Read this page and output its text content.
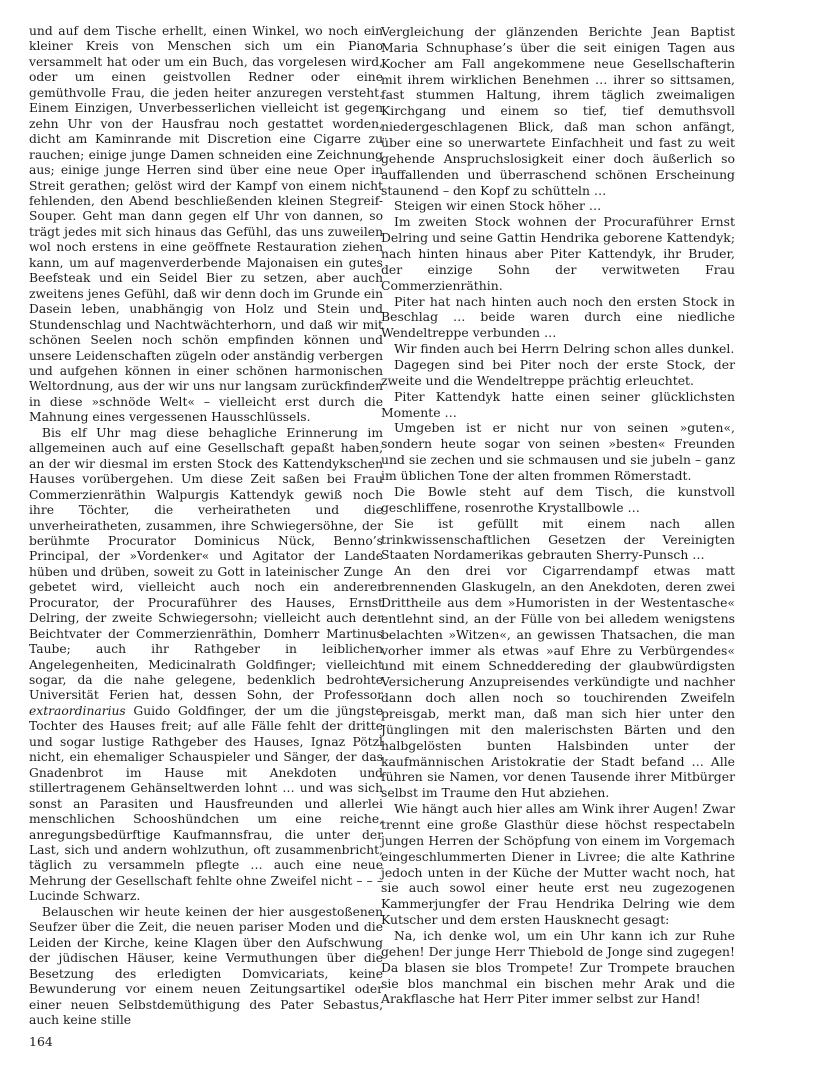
und auf dem Tische erhellt, einen Winkel, wo noch ein kleiner Kreis von Menschen sich um ein Piano versammelt hat oder um ein Buch, das vorgelesen wird, oder um einen geistvollen Redner oder eine gemüthvolle Frau, die jeden heiter anzuregen versteht. Einem Einzigen, Unverbesserlichen vielleicht ist gegen zehn Uhr von der Hausfrau noch gestattet worden, dicht am Kaminrande mit Discretion eine Cigarre zu rauchen; einige junge Damen schneiden eine Zeichnung aus; einige junge Herren sind über eine neue Oper in Streit gerathen; gelöst wird der Kampf von einem nicht fehlenden, den Abend beschließenden kleinen Stegreif-Souper. Geht man dann gegen elf Uhr von dannen, so trägt jedes mit sich hinaus das Gefühl, das uns zuweilen wol noch erstens in eine geöffnete Restauration ziehen kann, um auf magenverderbende Majonaisen ein gutes Beefsteak und ein Seidel Bier zu setzen, aber auch zweitens jenes Gefühl, daß wir denn doch im Grunde ein Dasein leben, unabhängig von Holz und Stein und Stundenschlag und Nachtwächterhorn, und daß wir mit schönen Seelen noch schön empfinden können und unsere Leidenschaften zügeln oder anständig verbergen und aufgehen können in einer schönen harmonischen Weltordnung, aus der wir uns nur langsam zurückfinden in diese »schnöde Welt« – vielleicht erst durch die Mahnung eines vergessenen Hausschlüssels.

Bis elf Uhr mag diese behagliche Erinnerung im allgemeinen auch auf eine Gesellschaft gepaßt haben, an der wir diesmal im ersten Stock des Kattendykschen Hauses vorübergehen. Um diese Zeit saßen bei Frau Commerzienräthin Walpurgis Kattendyk gewiß noch ihre Töchter, die verheiratheten und die unverheiratheten, zusammen, ihre Schwiegersöhne, der berühmte Procurator Dominicus Nück, Benno’s Principal, der »Vordenker« und Agitator der Lande hüben und drüben, soweit zu Gott in lateinischer Zunge gebetet wird, vielleicht auch noch ein anderer Procurator, der Procuraführer des Hauses, Ernst Delring, der zweite Schwiegersohn; vielleicht auch der Beichtvater der Commerzienräthin, Domherr Martinus Taube; auch ihr Rathgeber in leiblichen Angelegenheiten, Medicinalrath Goldfinger; vielleicht sogar, da die nahe gelegene, bedenklich bedrohte Universität Ferien hat, dessen Sohn, der Professor extraordinarius Guido Goldfinger, der um die jüngste Tochter des Hauses freit; auf alle Fälle fehlt der dritte und sogar lustige Rathgeber des Hauses, Ignaz Pötzl nicht, ein ehemaliger Schauspieler und Sänger, der das Gnadenbrot im Hause mit Anekdoten und stillertragenem Gehänseltwerden lohnt … und was sich sonst an Parasiten und Hausfreunden und allerlei menschlichen Schooshündchen um eine reiche, anregungsbedürftige Kaufmannsfrau, die unter der Last, sich und andern wohlzuthun, oft zusammenbricht, täglich zu versammeln pflegte … auch eine neue Mehrung der Gesellschaft fehlte ohne Zweifel nicht – – – Lucinde Schwarz.

Belauschen wir heute keinen der hier ausgestoßenen Seufzer über die Zeit, die neuen pariser Moden und die Leiden der Kirche, keine Klagen über den Aufschwung der jüdischen Häuser, keine Vermuthungen über die Besetzung des erledigten Domvicariats, keine Bewunderung vor einem neuen Zeitungsartikel oder einer neuen Selbstdemüthigung des Pater Sebastus, auch keine stille

Vergleichung der glänzenden Berichte Jean Baptist Maria Schnuphase’s über die seit einigen Tagen aus Kocher am Fall angekommene neue Gesellschafterin mit ihrem wirklichen Benehmen … ihrer so sittsamen, fast stummen Haltung, ihrem täglich zweimaligen Kirchgang und einem so tief, tief demuthsvoll niedergeschlagenen Blick, daß man schon anfängt, über eine so unerwartete Einfachheit und fast zu weit gehende Anspruchslosigkeit einer doch äußerlich so auffallenden und überraschend schönen Erscheinung staunend – den Kopf zu schütteln …

Steigen wir einen Stock höher …

Im zweiten Stock wohnen der Procuraführer Ernst Delring und seine Gattin Hendrika geborene Kattendyk; nach hinten hinaus aber Piter Kattendyk, ihr Bruder, der einzige Sohn der verwitweten Frau Commerzienräthin.

Piter hat nach hinten auch noch den ersten Stock in Beschlag … beide waren durch eine niedliche Wendeltreppe verbunden …

Wir finden auch bei Herrn Delring schon alles dunkel.

Dagegen sind bei Piter noch der erste Stock, der zweite und die Wendeltreppe prächtig erleuchtet.

Piter Kattendyk hatte einen seiner glücklichsten Momente …

Umgeben ist er nicht nur von seinen »guten«, sondern heute sogar von seinen »besten« Freunden und sie zechen und sie schmausen und sie jubeln – ganz im üblichen Tone der alten frommen Römerstadt.

Die Bowle steht auf dem Tisch, die kunstvoll geschliffene, rosenrothe Krystallbowle …

Sie ist gefüllt mit einem nach allen trinkwissenschaftlichen Gesetzen der Vereinigten Staaten Nordamerikas gebrauten Sherry-Punsch …

An den drei vor Cigarrendampf etwas matt brennenden Glaskugeln, an den Anekdoten, deren zwei Drittheile aus dem »Humoristen in der Westentasche« entlehnt sind, an der Fülle von bei alledem wenigstens belachten »Witzen«, an gewissen Thatsachen, die man vorher immer als etwas »auf Ehre zu Verbürgendes« und mit einem Schneddereding der glaubwürdigsten Versicherung Anzupreisendes verkündigte und nachher dann doch allen noch so touchirenden Zweifeln preisgab, merkt man, daß man sich hier unter den Jünglingen mit den malerischsten Bärten und den halbgelösten bunten Halsbinden unter der kaufmännischen Aristokratie der Stadt befand … Alle führen sie Namen, vor denen Tausende ihrer Mitbürger selbst im Traume den Hut abziehen.

Wie hängt auch hier alles am Wink ihrer Augen! Zwar trennt eine große Glasthür diese höchst respectabeln jungen Herren der Schöpfung von einem im Vorgemach eingeschlummerten Diener in Livree; die alte Kathrine jedoch unten in der Küche der Mutter wacht noch, hat sie auch sowol einer heute erst neu zugezogenen Kammerjungfer der Frau Hendrika Delring wie dem Kutscher und dem ersten Hausknecht gesagt:

Na, ich denke wol, um ein Uhr kann ich zur Ruhe gehen! Der junge Herr Thiebold de Jonge sind zugegen! Da blasen sie blos Trompete! Zur Trompete brauchen sie blos manchmal ein bischen mehr Arak und die Arakflasche hat Herr Piter immer selbst zur Hand!

164
